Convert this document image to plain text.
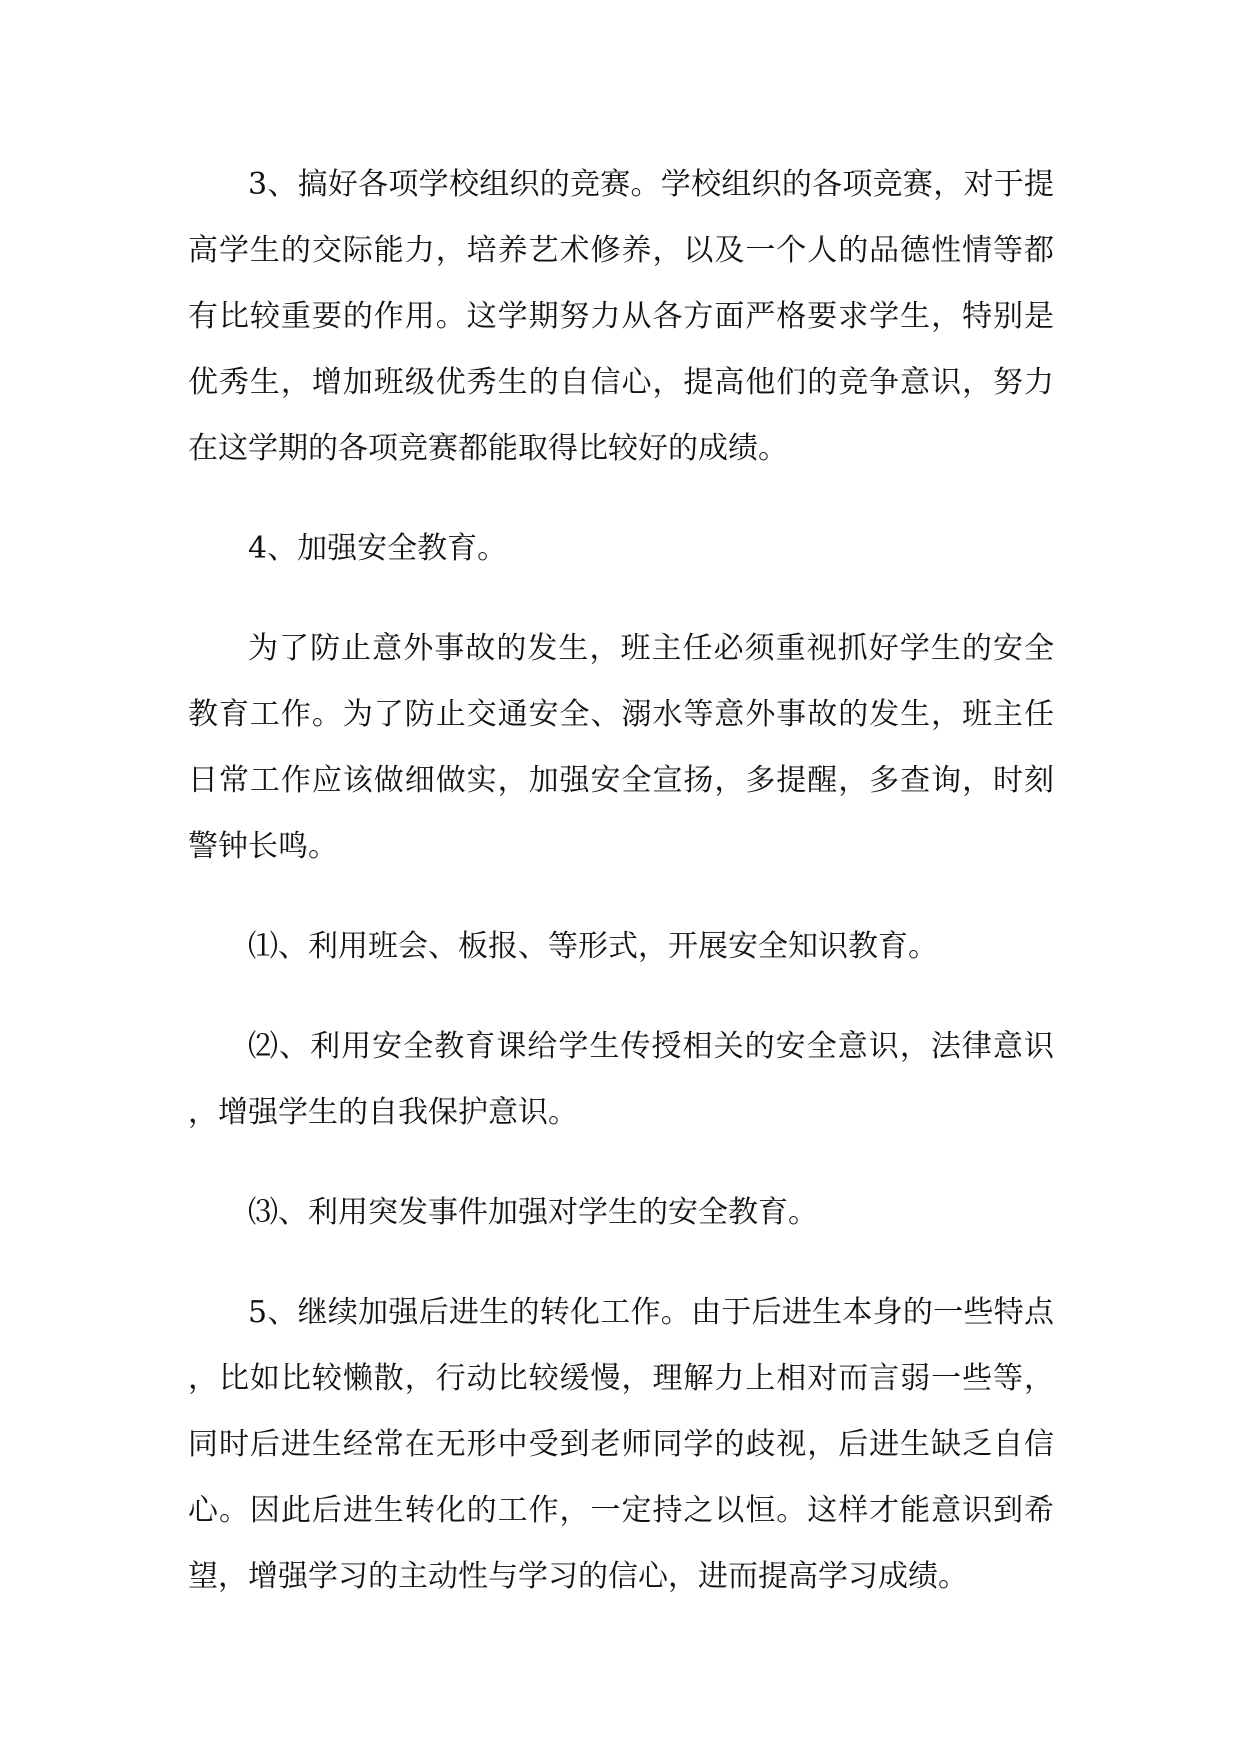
3、搞好各项学校组织的竞赛。学校组织的各项竞赛，对于提高学生的交际能力，培养艺术修养，以及一个人的品德性情等都有比较重要的作用。这学期努力从各方面严格要求学生，特别是优秀生，增加班级优秀生的自信心，提高他们的竞争意识，努力在这学期的各项竞赛都能取得比较好的成绩。

4、加强安全教育。

为了防止意外事故的发生，班主任必须重视抓好学生的安全教育工作。为了防止交通安全、溺水等意外事故的发生，班主任日常工作应该做细做实，加强安全宣扬，多提醒，多查询，时刻警钟长鸣。

⑴、利用班会、板报、等形式，开展安全知识教育。

⑵、利用安全教育课给学生传授相关的安全意识，法律意识，增强学生的自我保护意识。

⑶、利用突发事件加强对学生的安全教育。

5、继续加强后进生的转化工作。由于后进生本身的一些特点，比如比较懒散，行动比较缓慢，理解力上相对而言弱一些等，同时后进生经常在无形中受到老师同学的歧视，后进生缺乏自信心。因此后进生转化的工作，一定持之以恒。这样才能意识到希望，增强学习的主动性与学习的信心，进而提高学习成绩。
